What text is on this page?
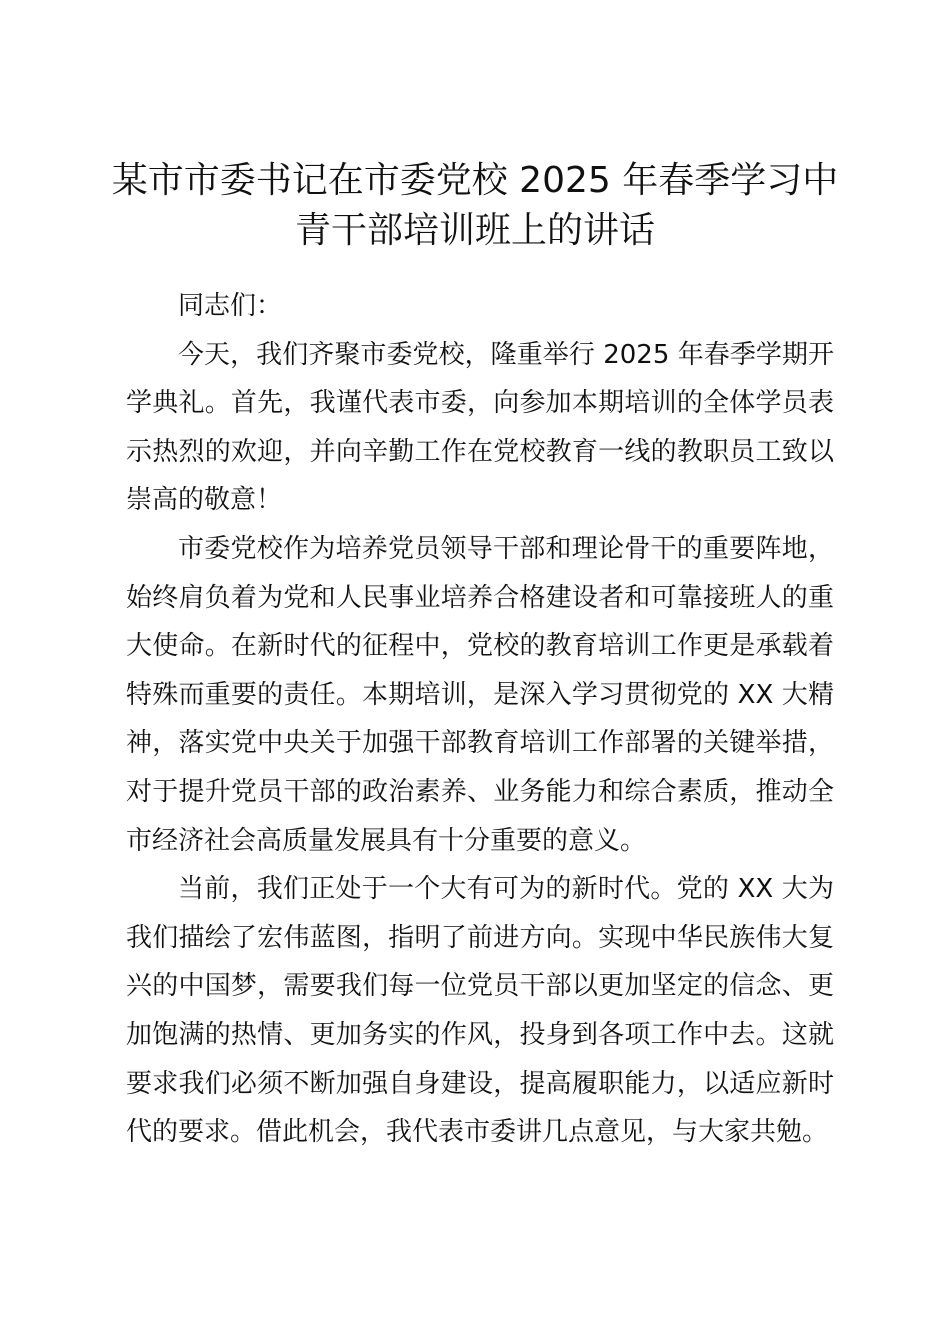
某市市委书记在市委党校 2025 年春季学习中
青干部培训班上的讲话

同志们：

今天，我们齐聚市委党校，隆重举行 2025 年春季学期开学典礼。首先，我谨代表市委，向参加本期培训的全体学员表示热烈的欢迎，并向辛勤工作在党校教育一线的教职员工致以崇高的敬意！

市委党校作为培养党员领导干部和理论骨干的重要阵地，始终肩负着为党和人民事业培养合格建设者和可靠接班人的重大使命。在新时代的征程中，党校的教育培训工作更是承载着特殊而重要的责任。本期培训，是深入学习贯彻党的 XX 大精神，落实党中央关于加强干部教育培训工作部署的关键举措，对于提升党员干部的政治素养、业务能力和综合素质，推动全市经济社会高质量发展具有十分重要的意义。

当前，我们正处于一个大有可为的新时代。党的 XX 大为我们描绘了宏伟蓝图，指明了前进方向。实现中华民族伟大复兴的中国梦，需要我们每一位党员干部以更加坚定的信念、更加饱满的热情、更加务实的作风，投身到各项工作中去。这就要求我们必须不断加强自身建设，提高履职能力，以适应新时代的要求。借此机会，我代表市委讲几点意见，与大家共勉。
